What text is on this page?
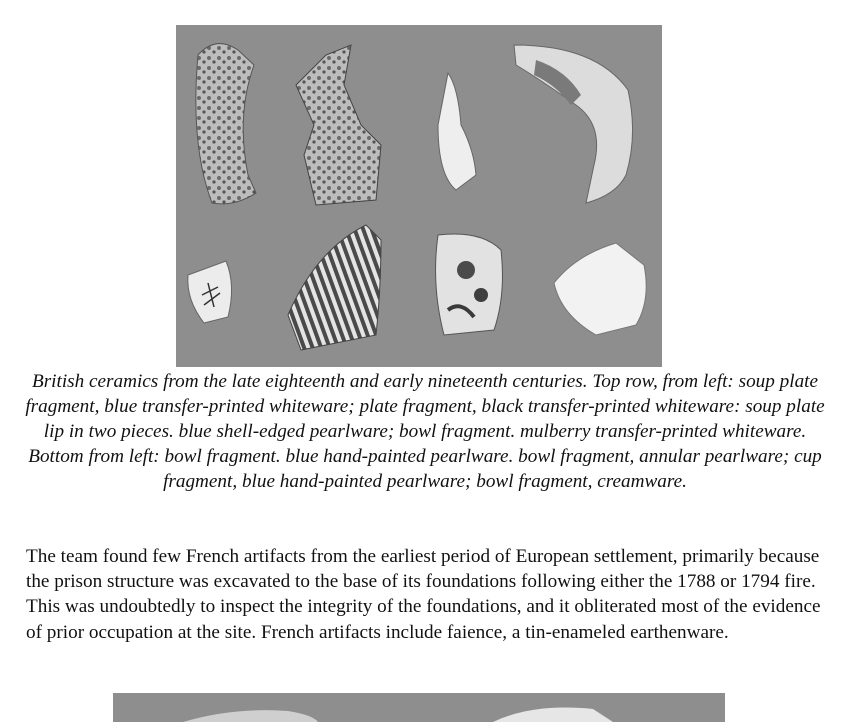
British ceramics from the late eighteenth and early nineteenth centuries. Top row, from left: soup plate fragment, blue transfer-printed whiteware; plate fragment, black transfer-printed whiteware: soup plate lip in two pieces. blue shell-edged pearlware; bowl fragment. mulberry transfer-printed whiteware. Bottom from left: bowl fragment. blue hand-painted pearlware. bowl fragment, annular pearlware; cup fragment, blue hand-painted pearlware; bowl fragment, creamware.

The team found few French artifacts from the earliest period of European settlement, primarily because the prison structure was excavated to the base of its foundations following either the 1788 or 1794 fire. This was undoubtedly to inspect the integrity of the foundations, and it obliterated most of the evidence of prior occupation at the site. French artifacts include faience, a tin-enameled earthenware.
